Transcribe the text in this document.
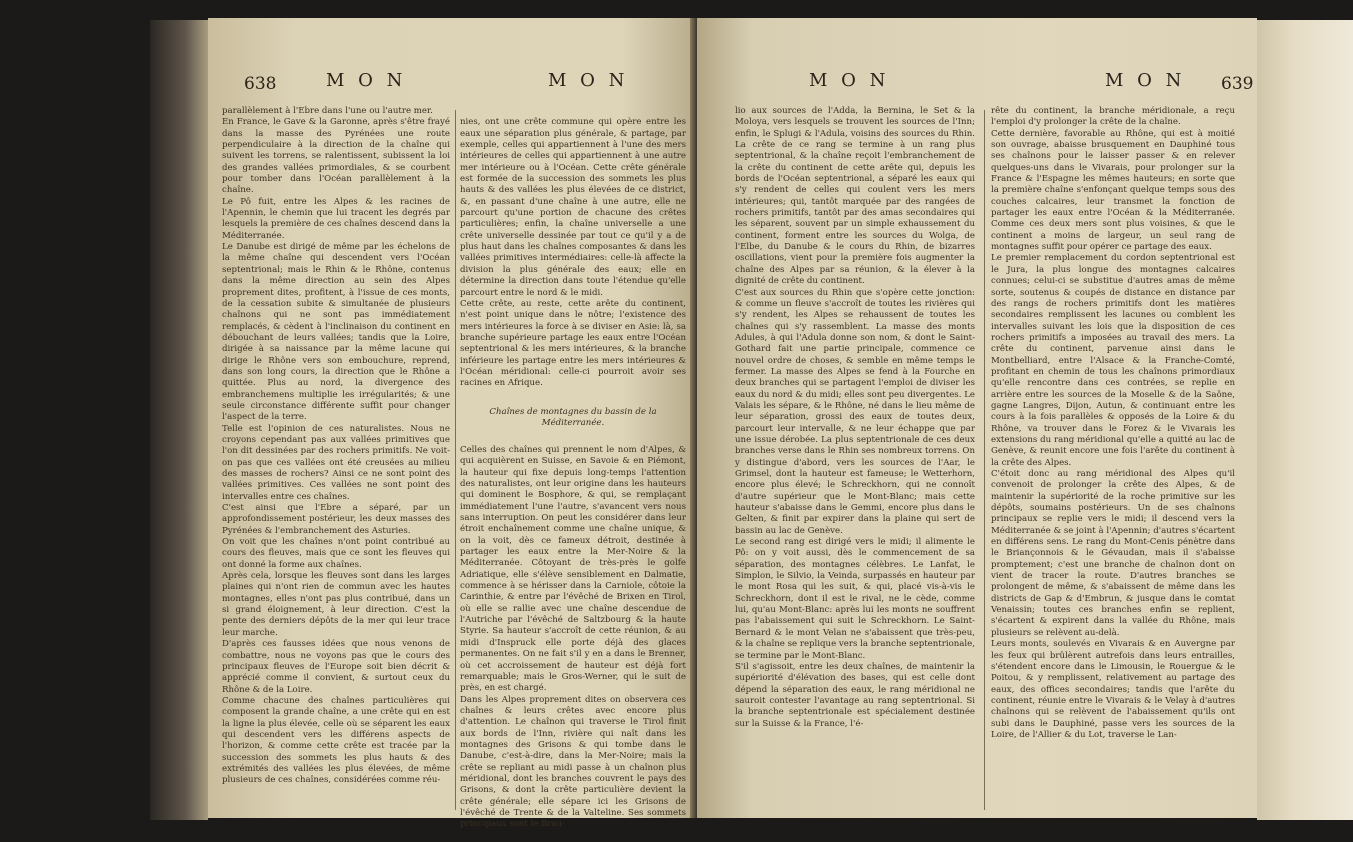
638	M O N	M O N
parallèlement à l'Ebre dans l'une ou l'autre mer.
En France, le Gave & la Garonne, après s'être frayé dans la masse des Pyrénées une route perpendiculaire à la direction de la chaîne qui suivent les torrens, se ralentissent, subissent la loi des grandes vallées primordiales, & se courbent pour tomber dans l'Océan parallèlement à la chaîne.
Le Pô fuit, entre les Alpes & les racines de l'Apennin, le chemin que lui tracent les degrés par lesquels la première de ces chaînes descend dans la Méditerranée.
Le Danube est dirigé de même par les échelons de la même chaîne qui descendent vers l'Océan septentrional; mais le Rhin & le Rhône, contenus dans la même direction au sein des Alpes proprement dites, profitent, à l'issue de ces monts, de la cessation subite & simultanée de plusieurs chaînons qui ne sont pas immédiatement remplacés, & cèdent à l'inclinaison du continent en débouchant de leurs vallées; tandis que la Loire, dirigée à sa naissance par la même lacune qui dirige le Rhône vers son embouchure, reprend, dans son long cours, la direction que le Rhône a quittée. Plus au nord, la divergence des embranchemens multiplie les irrégularités; & une seule circonstance différente suffit pour changer l'aspect de la terre.
Telle est l'opinion de ces naturalistes. Nous ne croyons cependant pas aux vallées primitives que l'on dit dessinées par des rochers primitifs. Ne voit-on pas que ces vallées ont été creusées au milieu des masses de rochers? Ainsi ce ne sont point des vallées primitives. Ces vallées ne sont point des intervalles entre ces chaînes.
C'est ainsi que l'Ebre a séparé, par un approfondissement postérieur, les deux masses des Pyrénées & l'embranchement des Asturies.
On voit que les chaînes n'ont point contribué au cours des fleuves, mais que ce sont les fleuves qui ont donné la forme aux chaînes.
Après cela, lorsque les fleuves sont dans les larges plaines qui n'ont rien de commun avec les hautes montagnes, elles n'ont pas plus contribué, dans un si grand éloignement, à leur direction. C'est la pente des derniers dépôts de la mer qui leur trace leur marche.
D'après ces fausses idées que nous venons de combattre, nous ne voyons pas que le cours des principaux fleuves de l'Europe soit bien décrit & apprécié comme il convient, & surtout ceux du Rhône & de la Loire.
Comme chacune des chaînes particulières qui composent la grande chaîne, a une crête qui en est la ligne la plus élevée, celle où se séparent les eaux qui descendent vers les différens aspects de l'horizon, & comme cette crête est tracée par la succession des sommets les plus hauts & des extrémités des vallées les plus élevées, de même plusieurs de ces chaînes, considérées comme réu-

nies, ont une crête commune qui opère entre les eaux une séparation plus générale, & partage, par exemple, celles qui appartiennent à l'une des mers intérieures de celles qui appartiennent à une autre mer intérieure ou à l'Océan. Cette crête générale est formée de la succession des sommets les plus hauts & des vallées les plus élevées de ce district, &, en passant d'une chaîne à une autre, elle ne parcourt qu'une portion de chacune des crêtes particulières; enfin, la chaîne universelle a une crête universelle dessinée par tout ce qu'il y a de plus haut dans les chaînes composantes & dans les vallées primitives intermédiaires: celle-là affecte la division la plus générale des eaux; elle en détermine la direction dans toute l'étendue qu'elle parcourt entre le nord & le midi.
Cette crête, au reste, cette arête du continent, n'est point unique dans le nôtre; l'existence des mers intérieures la force à se diviser en Asie: là, sa branche supérieure partage les eaux entre l'Océan septentrional & les mers intérieures, & la branche inférieure les partage entre les mers intérieures & l'Océan méridional: celle-ci pourroit avoir ses racines en Afrique.

Chaînes de montagnes du bassin de la Méditerranée.

Celles des chaînes qui prennent le nom d'Alpes, & qui acquièrent en Suisse, en Savoie & en Piémont, la hauteur qui fixe depuis long-temps l'attention des naturalistes, ont leur origine dans les hauteurs qui dominent le Bosphore, & qui, se remplaçant immédiatement l'une l'autre, s'avancent vers nous sans interruption. On peut les considérer dans leur étroit enchaînement comme une chaîne unique, & on la voit, dès ce fameux détroit, destinée à partager les eaux entre la Mer-Noire & la Méditerranée. Côtoyant de très-près le golfe Adriatique, elle s'élève sensiblement en Dalmatie, commence à se hérisser dans la Carniole, côtoie la Carinthie, & entre par l'évêché de Brixen en Tirol, où elle se rallie avec une chaîne descendue de l'Autriche par l'évêché de Saltzbourg & la haute Styrie. Sa hauteur s'accroît de cette réunion, & au midi d'Inspruck elle porte déjà des glaces permanentes. On ne fait s'il y en a dans le Brenner, où cet accroissement de hauteur est déjà fort remarquable; mais le Gros-Werner, qui le suit de près, en est chargé.
Dans les Alpes proprement dites on observera ces chaînes & leurs crêtes avec encore plus d'attention. Le chaînon qui traverse le Tirol finit aux bords de l'Inn, rivière qui naît dans les montagnes des Grisons & qui tombe dans le Danube, c'est-à-dire, dans la Mer-Noire; mais la crête se repliant au midi passe à un chaînon plus méridional, dont les branches couvrent le pays des Grisons, & dont la crête particulière devient la crête générale; elle sépare ici les Grisons de l'évêché de Trente & de la Valteline. Ses sommets principaux sont le Brau-

M O N	M O N 639
lio aux sources de l'Adda, la Bernina, le Set & la Moloya, vers lesquels se trouvent les sources de l'Inn; enfin, le Splugi & l'Adula, voisins des sources du Rhin. La crête de ce rang se termine à un rang plus septentrional, & la chaîne reçoit l'embranchement de la crête du continent de cette arête qui, depuis les bords de l'Océan septentrional, a séparé les eaux qui s'y rendent de celles qui coulent vers les mers intérieures; qui, tantôt marquée par des rangées de rochers primitifs, tantôt par des amas secondaires qui les séparent, souvent par un simple exhaussement du continent, forment entre les sources du Wolga, de l'Elbe, du Danube & le cours du Rhin, de bizarres oscillations, vient pour la première fois augmenter la chaîne des Alpes par sa réunion, & la élever à la dignité de crête du continent.
C'est aux sources du Rhin que s'opère cette jonction: & comme un fleuve s'accroît de toutes les rivières qui s'y rendent, les Alpes se rehaussent de toutes les chaînes qui s'y rassemblent. La masse des monts Adules, à qui l'Adula donne son nom, & dont le Saint-Gothard fait une partie principale, commence ce nouvel ordre de choses, & semble en même temps le fermer. La masse des Alpes se fend à la Fourche en deux branches qui se partagent l'emploi de diviser les eaux du nord & du midi; elles sont peu divergentes. Le Valais les sépare, & le Rhône, né dans le lieu même de leur séparation, grossi des eaux de toutes deux, parcourt leur intervalle, & ne leur échappe que par une issue dérobée. La plus septentrionale de ces deux branches verse dans le Rhin ses nombreux torrens. On y distingue d'abord, vers les sources de l'Aar, le Grimsel, dont la hauteur est fameuse; le Wetterhorn, encore plus élevé; le Schreckhorn, qui ne connoît d'autre supérieur que le Mont-Blanc; mais cette hauteur s'abaisse dans le Gemmi, encore plus dans le Gelten, & finit par expirer dans la plaine qui sert de bassin au lac de Genève.
Le second rang est dirigé vers le midi; il alimente le Pô: on y voit aussi, dès le commencement de sa séparation, des montagnes célèbres. Le Lanfat, le Simplon, le Silvio, la Veinda, surpassés en hauteur par le mont Rosa qui les suit, & qui, placé vis-à-vis le Schreckhorn, dont il est le rival, ne le cède, comme lui, qu'au Mont-Blanc: après lui les monts ne souffrent pas l'abaissement qui suit le Schreckhorn. Le Saint-Bernard & le mont Velan ne s'abaissent que très-peu, & la chaîne se replique vers la branche septentrionale, se termine par le Mont-Blanc.
S'il s'agissoit, entre les deux chaînes, de maintenir la supériorité d'élévation des bases, qui est celle dont dépend la séparation des eaux, le rang méridional ne sauroit contester l'avantage au rang septentrional. Si la branche septentrionale est spécialement destinée sur la Suisse & la France, l'é-
rête du continent, la branche méridionale, a reçu l'emploi d'y prolonger la crête de la chaîne.
Cette dernière, favorable au Rhône, qui est à moitié son ouvrage, abaisse brusquement en Dauphiné tous ses chaînons pour le laisser passer & en relever quelques-uns dans le Vivarais, pour prolonger sur la France & l'Espagne les mêmes hauteurs; en sorte que la première chaîne s'enfonçant quelque temps sous des couches calcaires, leur transmet la fonction de partager les eaux entre l'Océan & la Méditerranée. Comme ces deux mers sont plus voisines, & que le continent a moins de largeur, un seul rang de montagnes suffit pour opérer ce partage des eaux.
Le premier remplacement du cordon septentrional est le Jura, la plus longue des montagnes calcaires connues; celui-ci se substitue d'autres amas de même sorte, soutenus & coupés de distance en distance par des rangs de rochers primitifs dont les matières secondaires remplissent les lacunes ou comblent les intervalles suivant les lois que la disposition de ces rochers primitifs a imposées au travail des mers. La crête du continent, parvenue ainsi dans le Montbelliard, entre l'Alsace & la Franche-Comté, profitant en chemin de tous les chaînons primordiaux qu'elle rencontre dans ces contrées, se replie en arrière entre les sources de la Moselle & de la Saône, gagne Langres, Dijon, Autun, & continuant entre les cours à la fois parallèles & opposés de la Loire & du Rhône, va trouver dans le Forez & le Vivarais les extensions du rang méridional qu'elle a quitté au lac de Genève, & reunit encore une fois l'arête du continent à la crête des Alpes.
C'étoit donc au rang méridional des Alpes qu'il convenoit de prolonger la crête des Alpes, & de maintenir la supériorité de la roche primitive sur les dépôts, soumains postérieurs. Un de ses chaînons principaux se replie vers le midi; il descend vers la Méditerranée & se joint à l'Apennin; d'autres s'écartent en différens sens. Le rang du Mont-Cenis pénètre dans le Briançonnois & le Gévaudan, mais il s'abaisse promptement; c'est une branche de chaînon dont on vient de tracer la route. D'autres branches se prolongent de même, & s'abaissent de même dans les districts de Gap & d'Embrun, & jusque dans le comtat Venaissin; toutes ces branches enfin se replient, s'écartent & expirent dans la vallée du Rhône, mais plusieurs se relèvent au-delà.
Leurs monts, soulevés en Vivarais & en Auvergne par les feux qui brûlèrent autrefois dans leurs entrailles, s'étendent encore dans le Limousin, le Rouergue & le Poitou, & y remplissent, relativement au partage des eaux, des offices secondaires; tandis que l'arête du continent, réunie entre le Vivarais & le Velay à d'autres chaînons qui se relèvent de l'abaissement qu'ils ont subi dans le Dauphiné, passe vers les sources de la Loire, de l'Allier & du Lot, traverse le Lan-
